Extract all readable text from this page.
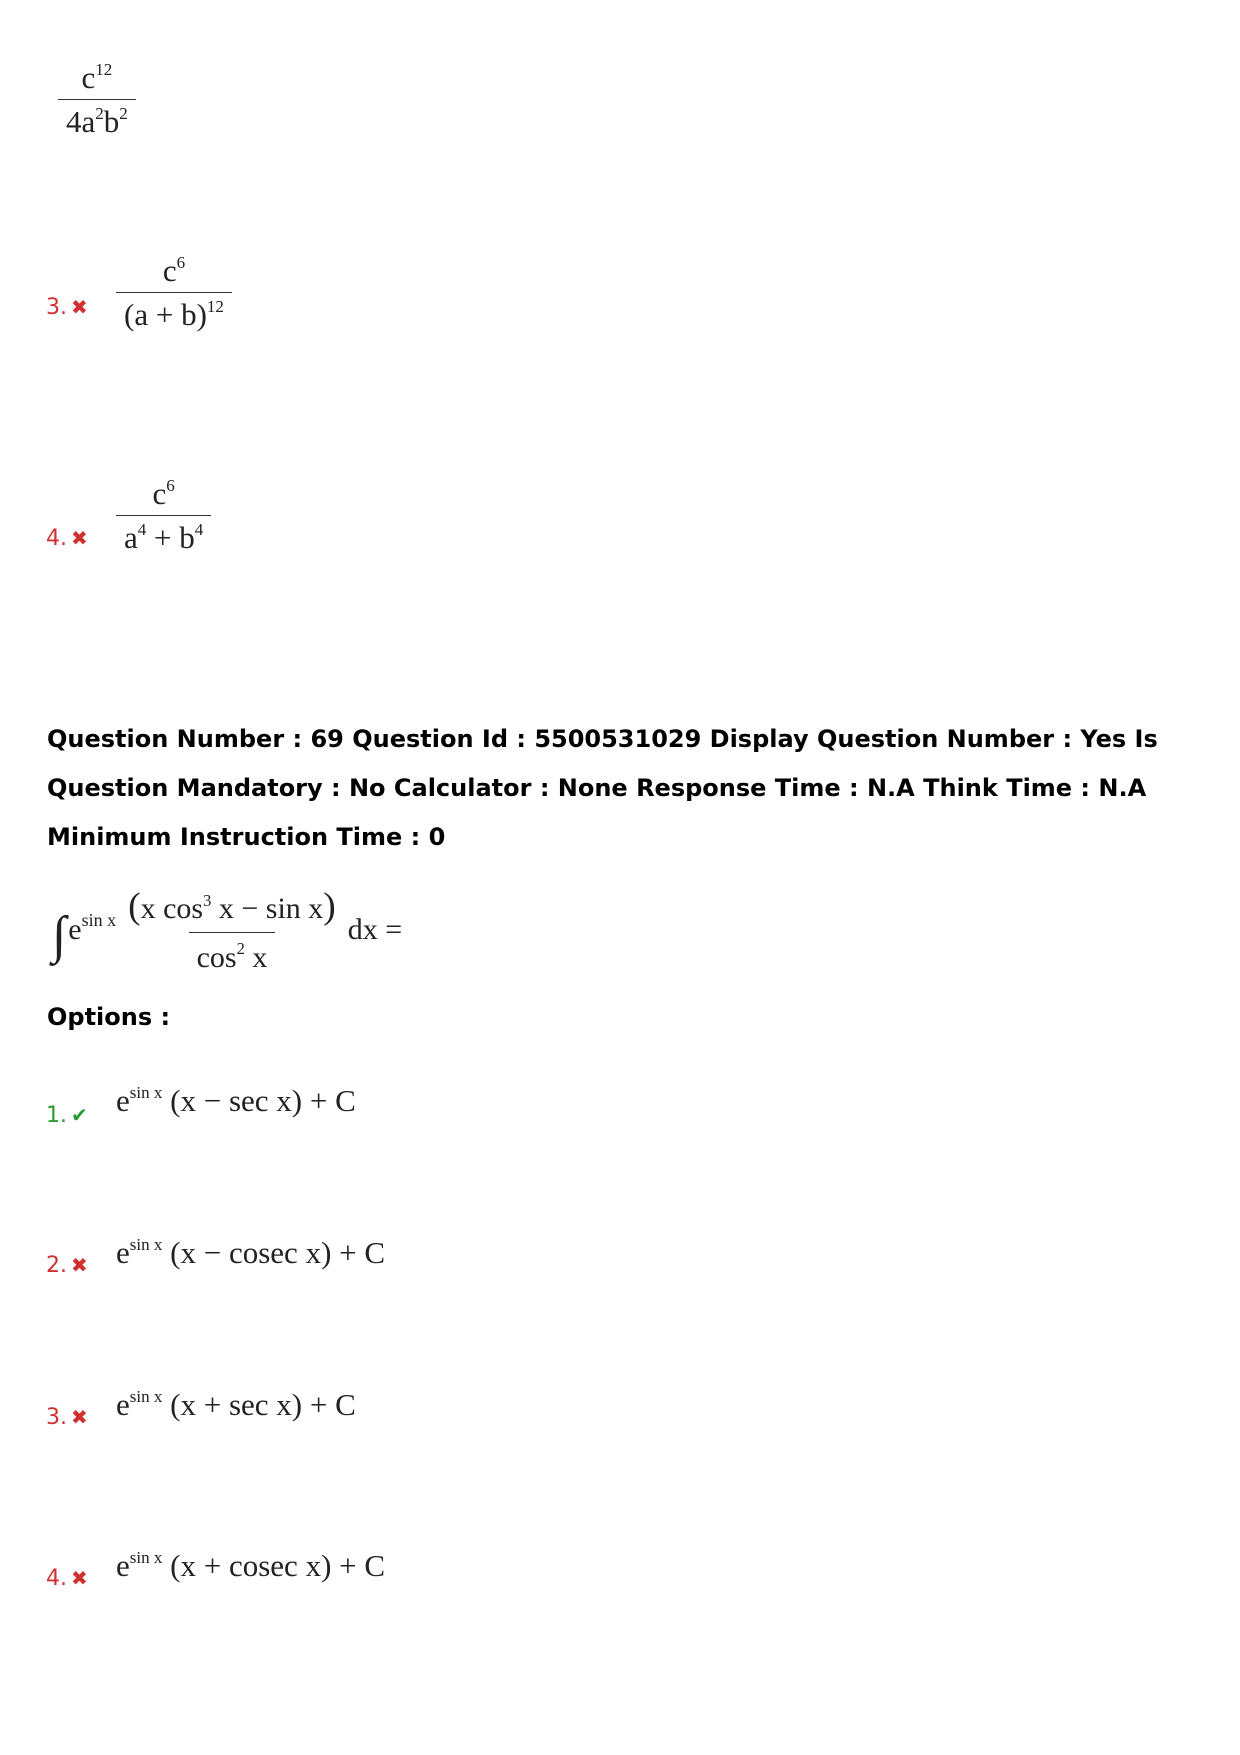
$\frac{c^{12}}{4a^2b^2}$
3. ✖ $\frac{c^6}{(a + b)^{12}}$
4. ✖ $\frac{c^6}{a^4 + b^4}$
Question Number : 69 Question Id : 5500531029 Display Question Number : Yes Is Question Mandatory : No Calculator : None Response Time : N.A Think Time : N.A Minimum Instruction Time : 0
∫ $e^{sin x} \frac{(x \cos^3 x - \sin x)}{\cos^2 x}$ dx =
Options :
1. ✔ $e^{sin x}$ (x − sec x) + C
2. ✖ $e^{sin x}$ (x − cosec x) + C
3. ✖ $e^{sin x}$ (x + sec x) + C
4. ✖ $e^{sin x}$ (x + cosec x) + C
